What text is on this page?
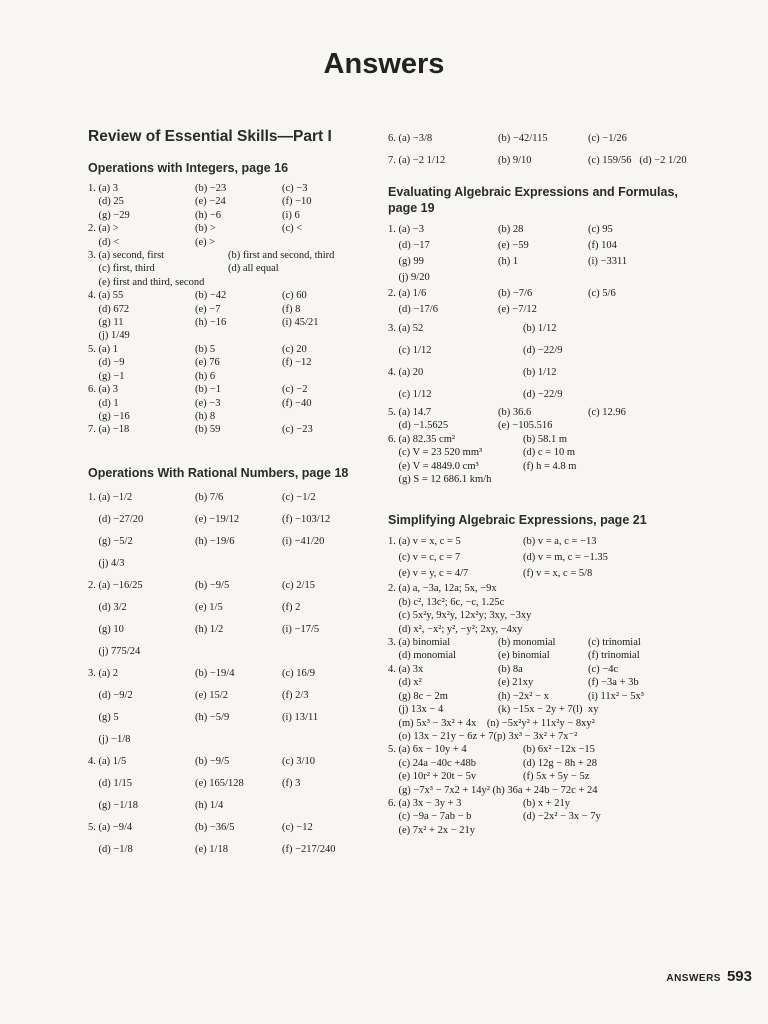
Answers
Review of Essential Skills—Part I
Operations with Integers, page 16
1. (a) 3	(b) −23	(c) −3
(d) 25	(e) −24	(f) −10
(g) −29	(h) −6	(i) 6
2. (a) >	(b) >	(c) <
(d) <	(e) >
3. (a) second, first	(b) first and second, third
(c) first, third	(d) all equal
(e) first and third, second
4. (a) 55	(b) −42	(c) 60
(d) 672	(e) −7	(f) 8
(g) 11	(h) −16	(i) 45/21
(j) 1/49
5. (a) 1	(b) 5	(c) 20
(d) −9	(e) 76	(f) −12
(g) −1	(h) 6
6. (a) 3	(b) −1	(c) −2
(d) 1	(e) −3	(f) −40
(g) −16	(h) 8
7. (a) −18	(b) 59	(c) −23
Operations With Rational Numbers, page 18
1. (a) −1/2	(b) 7/6	(c) −1/2
(d) −27/20	(e) −19/12	(f) −103/12
(g) −5/2	(h) −19/6	(i) −41/20
(j) 4/3
2. (a) −16/25	(b) −9/5	(c) 2/15
(d) 3/2	(e) 1/5	(f) 2
(g) 10	(h) 1/2	(i) −17/5
(j) 775/24
3. (a) 2	(b) −19/4	(c) 16/9
(d) −9/2	(e) 15/2	(f) 2/3
(g) 5	(h) −5/9	(i) 13/11
(j) −1/8
4. (a) 1/5	(b) −9/5	(c) 3/10
(d) 1/15	(e) 165/128	(f) 3
(g) −1/18	(h) 1/4
5. (a) −9/4	(b) −36/5	(c) −12
(d) −1/8	(e) 1/18	(f) −217/240
6. (a) −3/8	(b) −42/115	(c) −1/26
7. (a) −2 1/12	(b) 9/10	(c) 159/56   (d) −2 1/20
Evaluating Algebraic Expressions and Formulas, page 19
1. (a) −3	(b) 28	(c) 95
(d) −17	(e) −59	(f) 104
(g) 99	(h) 1	(i) −3311
(j) 9/20
2. (a) 1/6	(b) −7/6	(c) 5/6
(d) −17/6	(e) −7/12
3. (a) 52	(b) 1/12
(c) 1/12	(d) −22/9
4. (a) 20	(b) 1/12
(c) 1/12	(d) −22/9
5. (a) 14.7	(b) 36.6	(c) 12.96
(d) −1.5625	(e) −105.516
6. (a) 82.35 cm²	(b) 58.1 m
(c) V = 23 520 mm³	(d) c = 10 m
(e) V = 4849.0 cm³	(f) h = 4.8 m
(g) S = 12 686.1 km/h
Simplifying Algebraic Expressions, page 21
1. (a) v = x, c = 5	(b) v = a, c = −13
(c) v = c, c = 7	(d) v = m, c = −1.35
(e) v = y, c = 4/7	(f) v = x, c = 5/8
2. (a) a, −3a, 12a; 5x, −9x
(b) c², 13c²; 6c, −c, 1.25c
(c) 5x²y, 9x²y, 12x²y; 3xy, −3xy
(d) x², −x²; y², −y²; 2xy, −4xy
3. (a) binomial	(b) monomial	(c) trinomial
(d) monomial	(e) binomial	(f) trinomial
4. (a) 3x	(b) 8a	(c) −4c
(d) x²	(e) 21xy	(f) −3a + 3b
(g) 8c − 2m	(h) −2x² − x	(i) 11x² − 5x³
(j) 13x − 4	(k) −15x − 2y + 7(l) xy
(m) 5x³ − 3x² + 4x    (n) −5x²y² + 11x²y − 8xy²
(o) 13x − 21y − 6z + 7(p) 3x³ − 3x² + 7x⁻²
5. (a) 6x − 10y + 4	(b) 6x² −12x −15
(c) 24a −40c +48b	(d) 12g − 8h + 28
(e) 10r² + 20t − 5v	(f) 5x + 5y − 5z
(g) −7x³ − 7x2 + 14y² (h) 36a + 24b − 72c + 24
6. (a) 3x − 3y + 3	(b) x + 21y
(c) −9a − 7ab − b	(d) −2x² − 3x − 7y
(e) 7x² + 2x − 21y
ANSWERS 593
